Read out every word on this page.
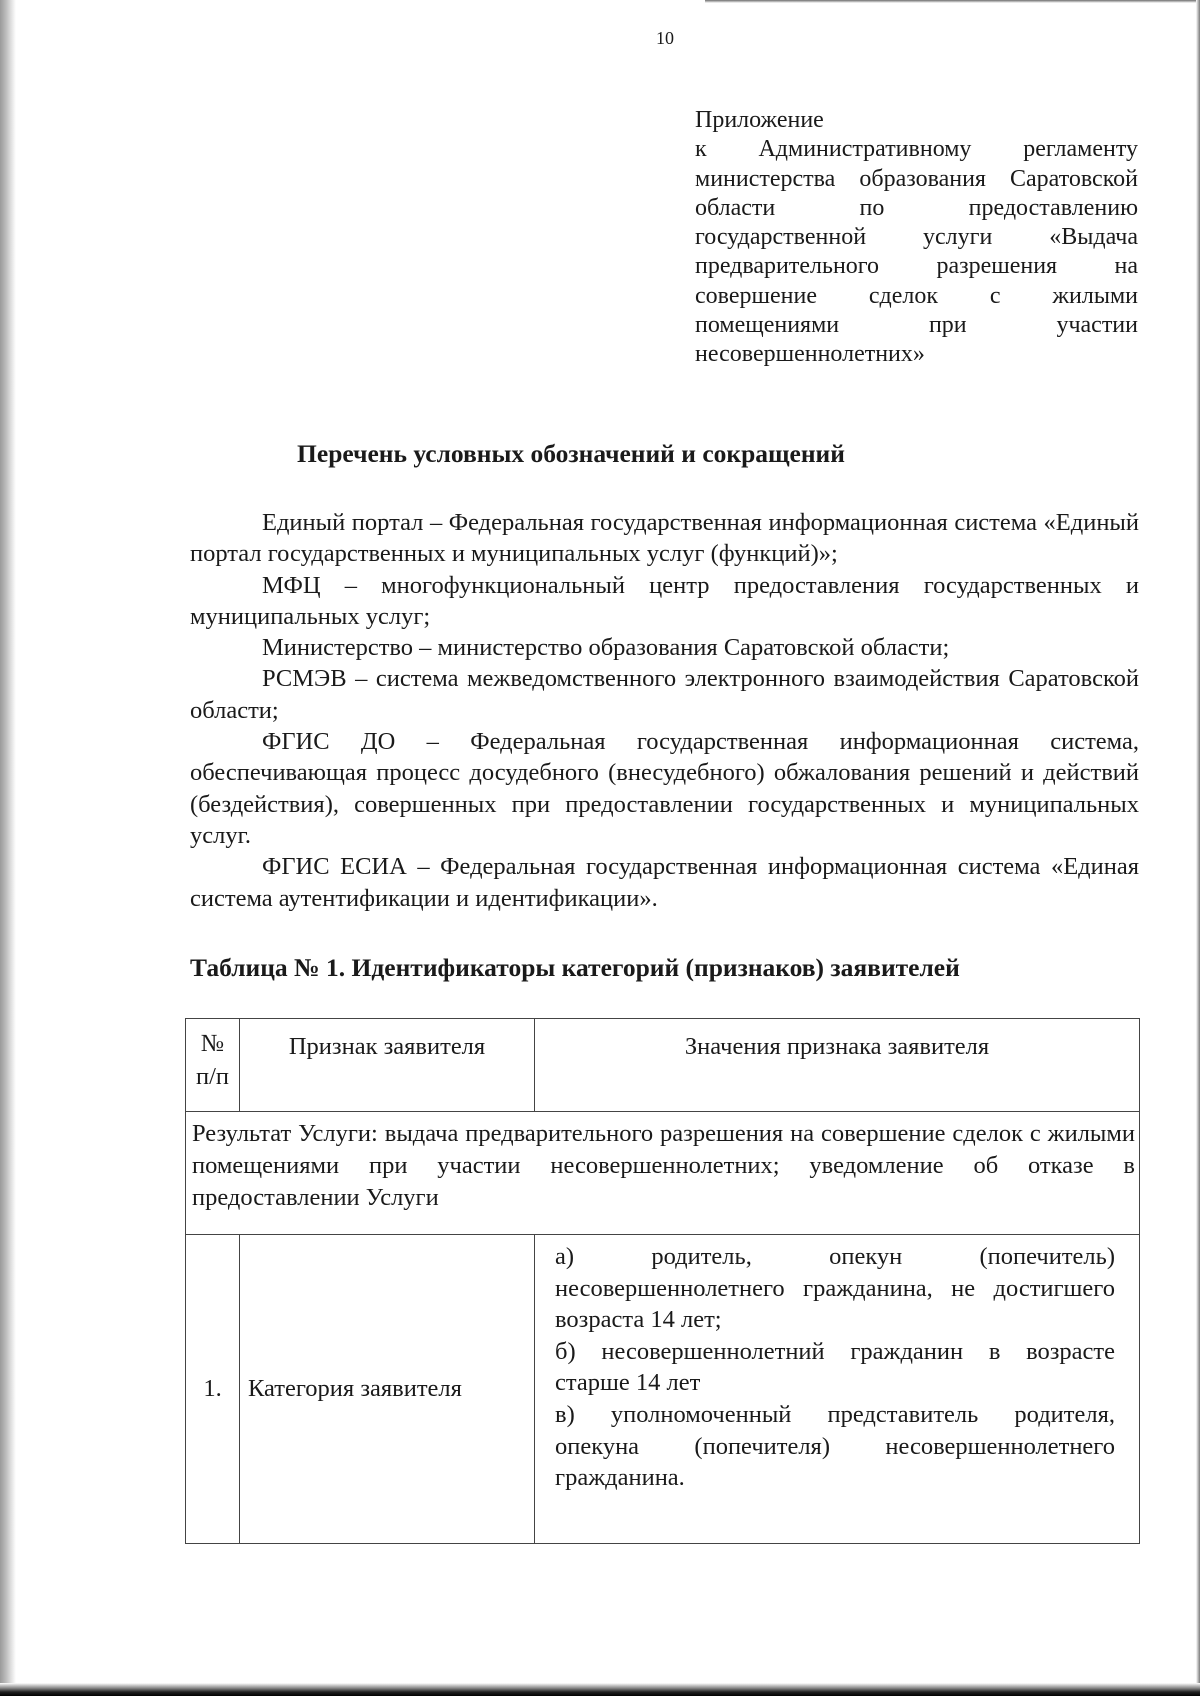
10
Приложение
к Административному регламенту министерства образования Саратовской области по предоставлению государственной услуги «Выдача предварительного разрешения на совершение сделок с жилыми помещениями при участии несовершеннолетних»
Перечень условных обозначений и сокращений

Единый портал – Федеральная государственная информационная система «Единый портал государственных и муниципальных услуг (функций)»;

МФЦ – многофункциональный центр предоставления государственных и муниципальных услуг;

Министерство – министерство образования Саратовской области;

РСМЭВ – система межведомственного электронного взаимодействия Саратовской области;

ФГИС ДО – Федеральная государственная информационная система, обеспечивающая процесс досудебного (внесудебного) обжалования решений и действий (бездействия), совершенных при предоставлении государственных и муниципальных услуг.

ФГИС ЕСИА – Федеральная государственная информационная система «Единая система аутентификации и идентификации».

Таблица № 1. Идентификаторы категорий (признаков) заявителей
№
п/п	Признак заявителя	Значения признака заявителя
Результат Услуги: выдача предварительного разрешения на совершение сделок с жилыми помещениями при участии несовершеннолетних; уведомление об отказе в предоставлении Услуги		
1.	Категория заявителя	а) родитель, опекун (попечитель) несовершеннолетнего гражданина, не достигшего возраста 14 лет;
б) несовершеннолетний гражданин в возрасте старше 14 лет
в) уполномоченный представитель родителя, опекуна (попечителя) несовершеннолетнего гражданина.
